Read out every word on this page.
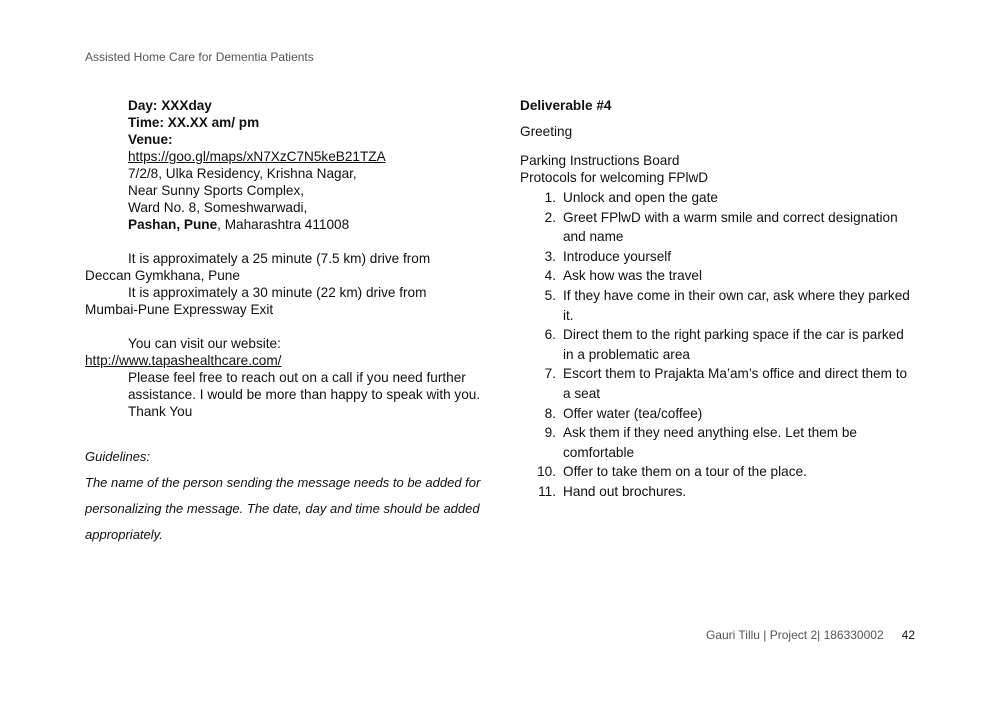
Assisted Home Care for Dementia Patients
Day: XXXday
Time: XX.XX am/ pm
Venue:
https://goo.gl/maps/xN7XzC7N5keB21TZA
7/2/8, Ulka Residency, Krishna Nagar,
Near Sunny Sports Complex,
Ward No. 8, Someshwarwadi,
Pashan, Pune, Maharashtra 411008
It is approximately a 25 minute (7.5 km) drive from
Deccan Gymkhana, Pune
It is approximately a 30 minute (22 km) drive from
Mumbai-Pune Expressway Exit
You can visit our website:
http://www.tapashealthcare.com/
Please feel free to reach out on a call if you need further assistance. I would be more than happy to speak with you.
Thank You
Guidelines:
The name of the person sending the message needs to be added for personalizing the message. The date, day and time should be added appropriately.
Deliverable #4
Greeting
Parking Instructions Board
Protocols for welcoming FPlwD
1. Unlock and open the gate
2. Greet FPlwD with a warm smile and correct designation and name
3. Introduce yourself
4. Ask how was the travel
5. If they have come in their own car, ask where they parked it.
6. Direct them to the right parking space if the car is parked in a problematic area
7. Escort them to Prajakta Ma’am’s office and direct them to a seat
8. Offer water (tea/coffee)
9. Ask them if they need anything else. Let them be comfortable
10. Offer to take them on a tour of the place.
11. Hand out brochures.
Gauri Tillu | Project 2| 186330002 42
